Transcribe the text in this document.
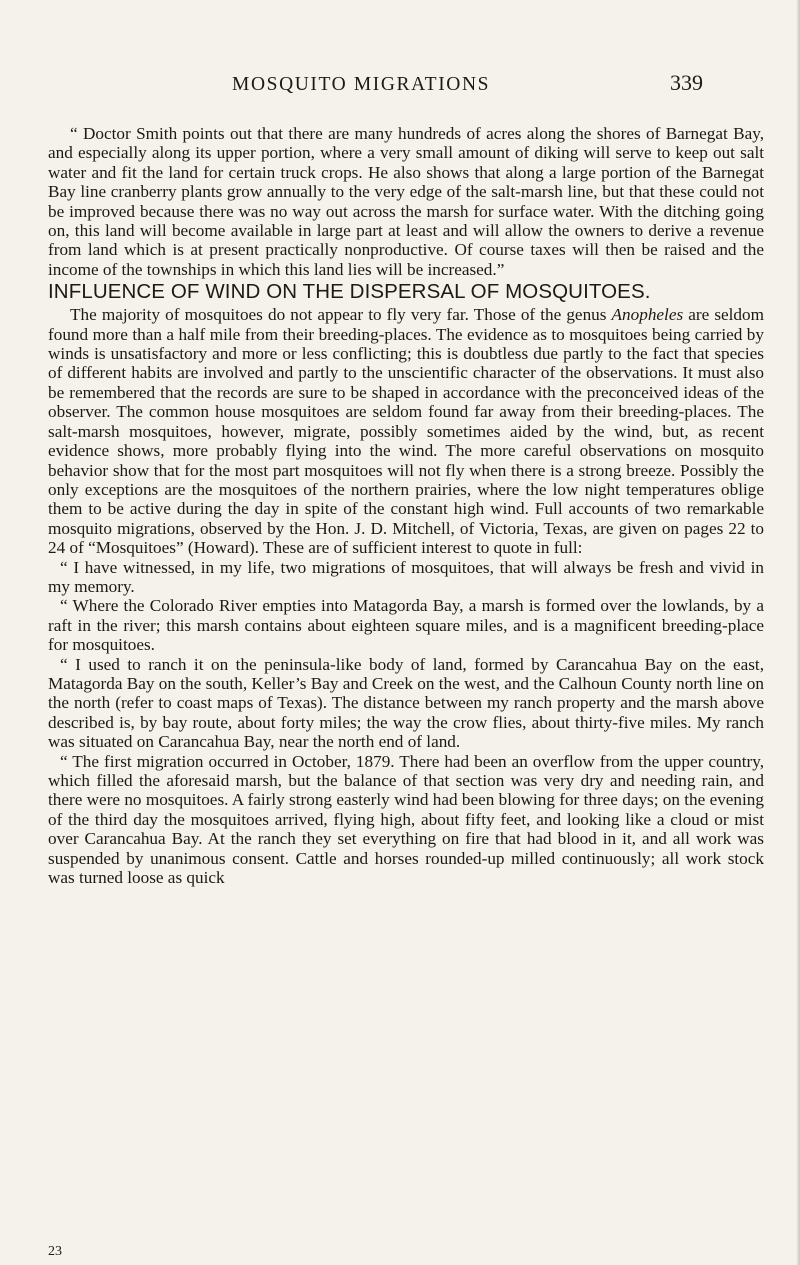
MOSQUITO MIGRATIONS	339

“ Doctor Smith points out that there are many hundreds of acres along the shores of Barnegat Bay, and especially along its upper portion, where a very small amount of diking will serve to keep out salt water and fit the land for certain truck crops. He also shows that along a large portion of the Barnegat Bay line cranberry plants grow annually to the very edge of the salt-marsh line, but that these could not be improved because there was no way out across the marsh for surface water. With the ditching going on, this land will become available in large part at least and will allow the owners to derive a revenue from land which is at present practically nonproductive. Of course taxes will then be raised and the income of the townships in which this land lies will be increased.”

INFLUENCE OF WIND ON THE DISPERSAL OF MOSQUITOES.

The majority of mosquitoes do not appear to fly very far. Those of the genus Anopheles are seldom found more than a half mile from their breeding-places. The evidence as to mosquitoes being carried by winds is unsatisfactory and more or less conflicting; this is doubtless due partly to the fact that species of different habits are involved and partly to the unscientific character of the observations. It must also be remembered that the records are sure to be shaped in accordance with the preconceived ideas of the observer. The common house mosquitoes are seldom found far away from their breeding-places. The salt-marsh mosquitoes, however, migrate, possibly sometimes aided by the wind, but, as recent evidence shows, more probably flying into the wind. The more careful observations on mosquito behavior show that for the most part mosquitoes will not fly when there is a strong breeze. Possibly the only exceptions are the mosquitoes of the northern prairies, where the low night temperatures oblige them to be active during the day in spite of the constant high wind. Full accounts of two remarkable mosquito migrations, observed by the Hon. J. D. Mitchell, of Victoria, Texas, are given on pages 22 to 24 of “Mosquitoes” (Howard). These are of sufficient interest to quote in full:

“ I have witnessed, in my life, two migrations of mosquitoes, that will always be fresh and vivid in my memory.

“ Where the Colorado River empties into Matagorda Bay, a marsh is formed over the lowlands, by a raft in the river; this marsh contains about eighteen square miles, and is a magnificent breeding-place for mosquitoes.

“ I used to ranch it on the peninsula-like body of land, formed by Carancahua Bay on the east, Matagorda Bay on the south, Keller’s Bay and Creek on the west, and the Calhoun County north line on the north (refer to coast maps of Texas). The distance between my ranch property and the marsh above described is, by bay route, about forty miles; the way the crow flies, about thirty-five miles. My ranch was situated on Carancahua Bay, near the north end of land.

“ The first migration occurred in October, 1879. There had been an overflow from the upper country, which filled the aforesaid marsh, but the balance of that section was very dry and needing rain, and there were no mosquitoes. A fairly strong easterly wind had been blowing for three days; on the evening of the third day the mosquitoes arrived, flying high, about fifty feet, and looking like a cloud or mist over Carancahua Bay. At the ranch they set everything on fire that had blood in it, and all work was suspended by unanimous consent. Cattle and horses rounded-up milled continuously; all work stock was turned loose as quick

23
